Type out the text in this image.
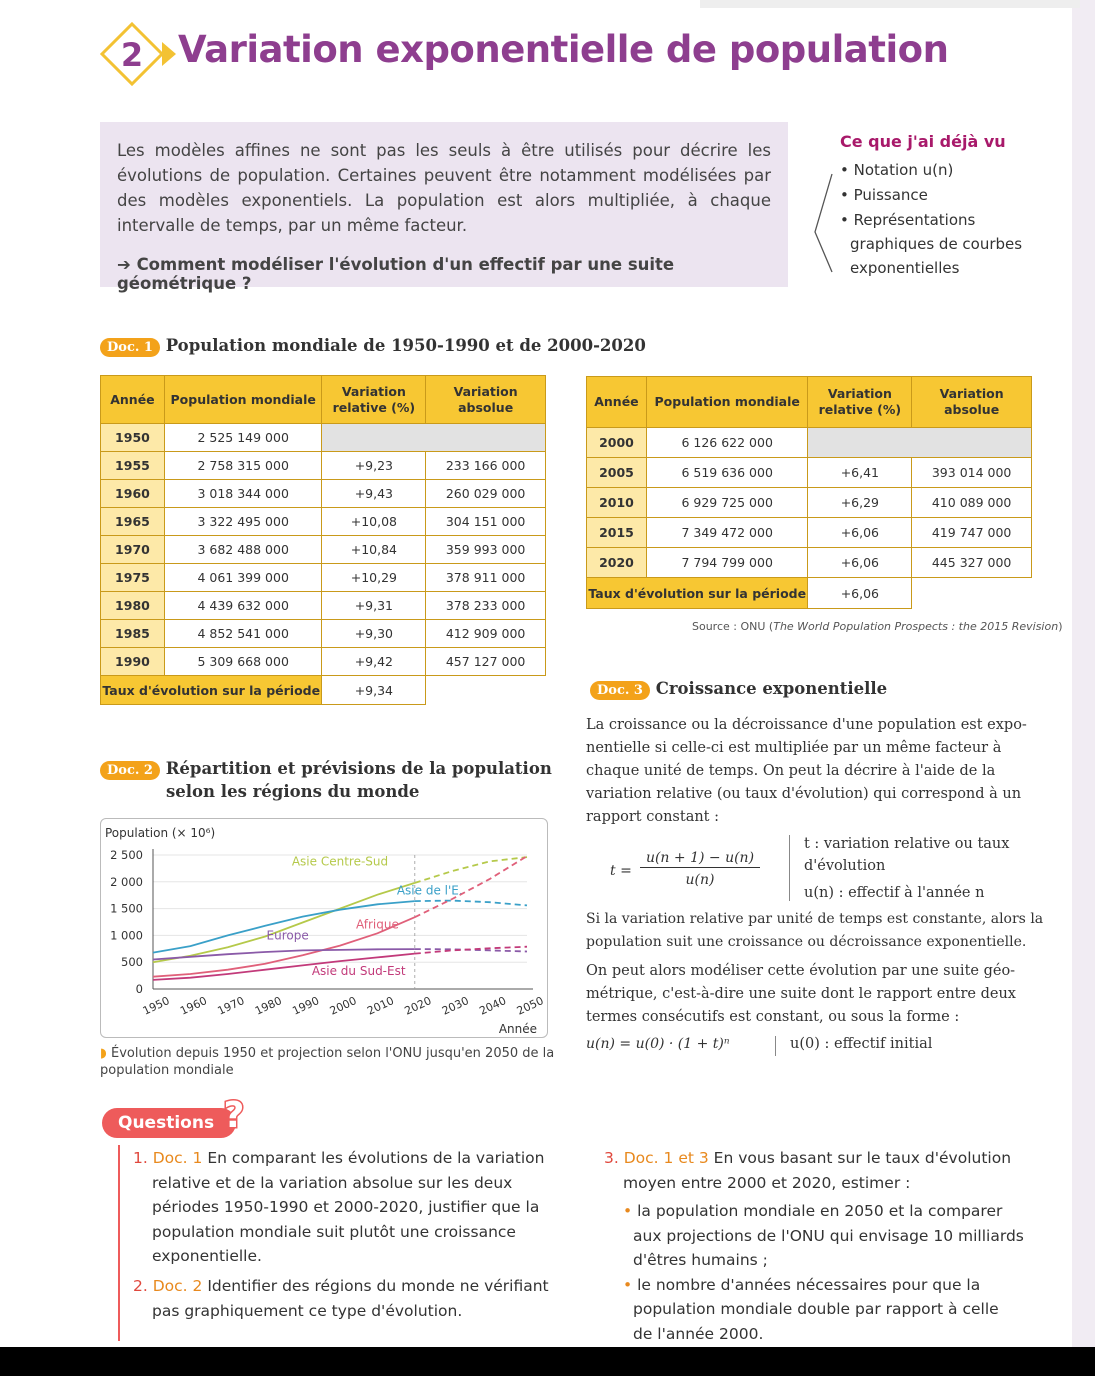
2 Variation exponentielle de population

Les modèles affines ne sont pas les seuls à être utilisés pour décrire les évolutions de population. Certaines peuvent être notamment modélisées par des modèles exponentiels. La population est alors multipliée, à chaque intervalle de temps, par un même facteur.

➔ Comment modéliser l'évolution d'un effectif par une suite géométrique ?
Ce que j'ai déjà vu
• Notation u(n)
• Puissance
• Représentations
graphiques de courbes
exponentielles
Doc. 1 Population mondiale de 1950-1990 et de 2000-2020
Année	Population mondiale	Variation relative (%)	Variation absolue
1950	2 525 149 000		
1955	2 758 315 000	+9,23	233 166 000
1960	3 018 344 000	+9,43	260 029 000
1965	3 322 495 000	+10,08	304 151 000
1970	3 682 488 000	+10,84	359 993 000
1975	4 061 399 000	+10,29	378 911 000
1980	4 439 632 000	+9,31	378 233 000
1985	4 852 541 000	+9,30	412 909 000
1990	5 309 668 000	+9,42	457 127 000
Taux d'évolution sur la période		+9,34	
Année	Population mondiale	Variation relative (%)	Variation absolue
2000	6 126 622 000		
2005	6 519 636 000	+6,41	393 014 000
2010	6 929 725 000	+6,29	410 089 000
2015	7 349 472 000	+6,06	419 747 000
2020	7 794 799 000	+6,06	445 327 000
Taux d'évolution sur la période		+6,06	
Source : ONU (The World Population Prospects : the 2015 Revision)
Doc. 3 Croissance exponentielle
La croissance ou la décroissance d'une population est expo-
nentielle si celle-ci est multipliée par un même facteur à
chaque unité de temps. On peut la décrire à l'aide de la
variation relative (ou taux d'évolution) qui correspond à un
rapport constant :
t =
u(n + 1) − u(n)
u(n)
t : variation relative ou taux
d'évolution
u(n) : effectif à l'année n
Si la variation relative par unité de temps est constante, alors la
population suit une croissance ou décroissance exponentielle.
On peut alors modéliser cette évolution par une suite géo-
métrique, c'est-à-dire une suite dont le rapport entre deux
termes consécutifs est constant, ou sous la forme :
u(n) = u(0) · (1 + t)ⁿ	u(0) : effectif initial
Doc. 2 Répartition et prévisions de la population
selon les régions du monde
Population (× 10⁶)
0
500
1 000
1 500
2 000
2 500
1950 1960 1970 1980 1990 2000 2010 2020 2030 2040 2050
Année
Asie Centre-Sud
Asie de l'E.
Afrique
Europe
Asie du Sud-Est
◗ Évolution depuis 1950 et projection selon l'ONU jusqu'en 2050 de la population mondiale
Questions ?
1. Doc. 1 En comparant les évolutions de la variation
relative et de la variation absolue sur les deux
périodes 1950-1990 et 2000-2020, justifier que la
population mondiale suit plutôt une croissance
exponentielle.
2. Doc. 2 Identifier des régions du monde ne vérifiant
pas graphiquement ce type d'évolution.
3. Doc. 1 et 3 En vous basant sur le taux d'évolution
moyen entre 2000 et 2020, estimer :
• la population mondiale en 2050 et la comparer
aux projections de l'ONU qui envisage 10 milliards
d'êtres humains ;
• le nombre d'années nécessaires pour que la
population mondiale double par rapport à celle
de l'année 2000.
